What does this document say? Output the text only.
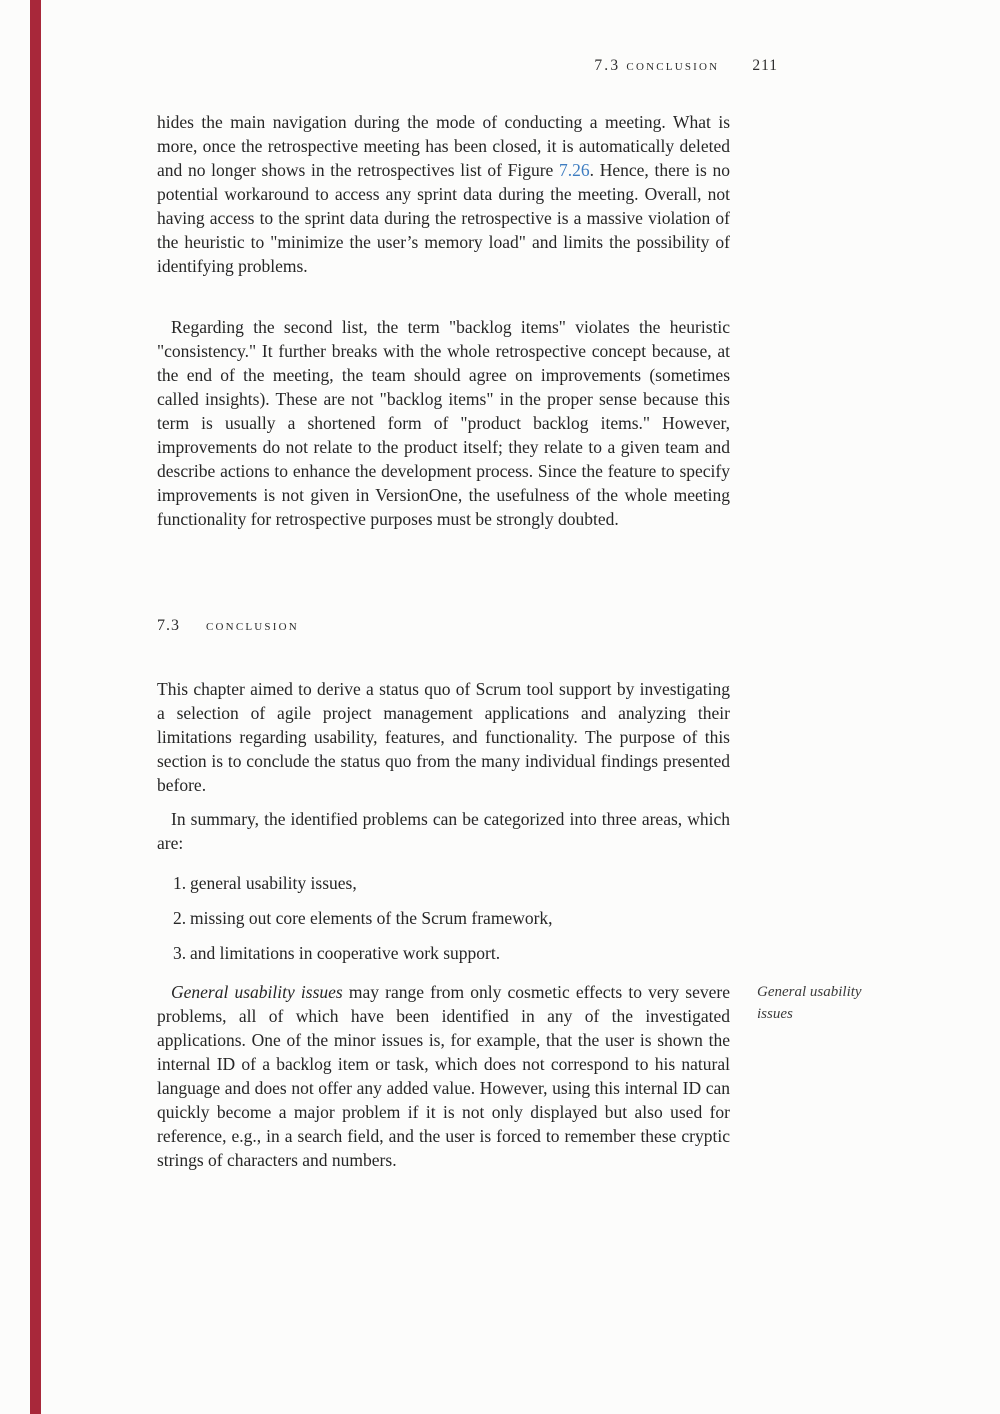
7.3 conclusion 211

hides the main navigation during the mode of conducting a meeting. What is more, once the retrospective meeting has been closed, it is automatically deleted and no longer shows in the retrospectives list of Figure 7.26. Hence, there is no potential workaround to access any sprint data during the meeting. Overall, not having access to the sprint data during the retrospective is a massive violation of the heuristic to "minimize the user’s memory load" and limits the possibility of identifying problems.

Regarding the second list, the term "backlog items" violates the heuristic "consistency." It further breaks with the whole retrospective concept because, at the end of the meeting, the team should agree on improvements (sometimes called insights). These are not "backlog items" in the proper sense because this term is usually a shortened form of "product backlog items." However, improvements do not relate to the product itself; they relate to a given team and describe actions to enhance the development process. Since the feature to specify improvements is not given in VersionOne, the usefulness of the whole meeting functionality for retrospective purposes must be strongly doubted.

7.3 conclusion

This chapter aimed to derive a status quo of Scrum tool support by investigating a selection of agile project management applications and analyzing their limitations regarding usability, features, and functionality. The purpose of this section is to conclude the status quo from the many individual findings presented before.

In summary, the identified problems can be categorized into three areas, which are:

1. general usability issues,
2. missing out core elements of the Scrum framework,
3. and limitations in cooperative work support.

General usability issues may range from only cosmetic effects to very severe problems, all of which have been identified in any of the investigated applications. One of the minor issues is, for example, that the user is shown the internal ID of a backlog item or task, which does not correspond to his natural language and does not offer any added value. However, using this internal ID can quickly become a major problem if it is not only displayed but also used for reference, e.g., in a search field, and the user is forced to remember these cryptic strings of characters and numbers.

General usability issues
